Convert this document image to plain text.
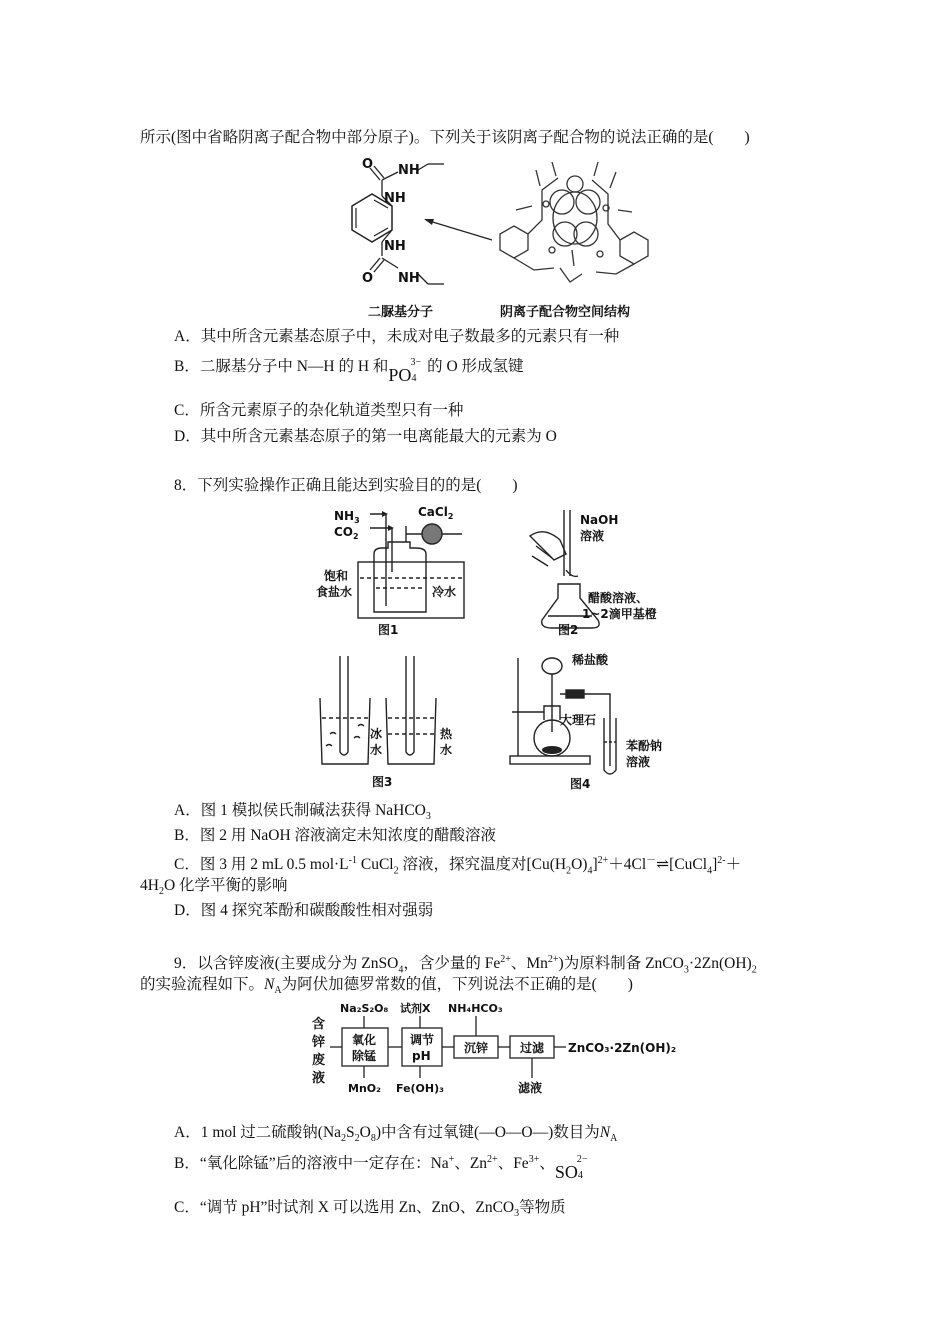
所示(图中省略阴离子配合物中部分原子)。下列关于该阴离子配合物的说法正确的是(　　)
O NH
NH
NH
O NH
二脲基分子	阴离子配合物空间结构
A．其中所含元素基态原子中，未成对电子数最多的元素只有一种
B．二脲基分子中 N—H 的 H 和$PO_4^{3-}$ 的 O 形成氢键
C．所含元素原子的杂化轨道类型只有一种
D．其中所含元素基态原子的第一电离能最大的元素为 O
8．下列实验操作正确且能达到实验目的的是(　　)
$NH_3$
$CO_2$
CaCl$_2$
饱和
食盐水	冷水
图1
NaOH
溶液
醋酸溶液、
1~2滴甲基橙
图2
冰
水
热
水
图3
稀盐酸
大理石
苯酚钠
溶液
图4
A．图 1 模拟侯氏制碱法获得 NaHCO$_3$
B．图 2 用 NaOH 溶液滴定未知浓度的醋酸溶液
C．图 3 用 2 mL 0.5 $mol\cdot L^{-1}$ CuCl$_2$ 溶液，探究温度对$[Cu(H_2O)_4]^{2+}+4Cl^-\rightleftharpoons[CuCl_4]^{2-}+$
$4H_2O$ 化学平衡的影响
D．图 4 探究苯酚和碳酸酸性相对强弱
9．以含锌废液(主要成分为 ZnSO$_4$，含少量的 $Fe^{2+}$、$Mn^{2+}$)为原料制备 $ZnCO_3\cdot 2Zn(OH)_2$
的实验流程如下。$N_A$为阿伏加德罗常数的值，下列说法不正确的是(　　)
含
锌
废
液
Na₂S₂O₈ 试剂X NH₄HCO₃
氧化
除锰
调节
pH
沉锌	过滤 ZnCO₃·2Zn(OH)₂
MnO₂ Fe(OH)₃	滤液
A．1 mol 过二硫酸钠$(Na_2S_2O_8)$中含有过氧键(—O—O—)数目为$N_A$
B．“氧化除锰”后的溶液中一定存在：Na+、$Zn^{2+}$、$Fe^{3+}$、$SO_4^{2-}$
C．“调节 pH”时试剂 X 可以选用 Zn、ZnO、ZnCO$_3$等物质
